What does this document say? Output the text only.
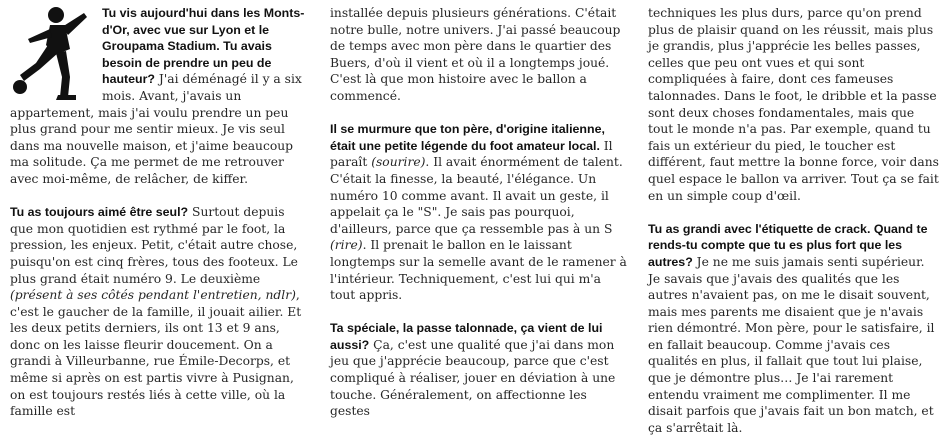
Tu vis aujourd'hui dans les Monts-d'Or, avec vue sur Lyon et le Groupama Stadium. Tu avais besoin de prendre un peu de hauteur? J'ai déménagé il y a six mois. Avant, j'avais un appartement, mais j'ai voulu prendre un peu plus grand pour me sentir mieux. Je vis seul dans ma nouvelle maison, et j'aime beaucoup ma solitude. Ça me permet de me retrouver avec moi-même, de relâcher, de kiffer.

Tu as toujours aimé être seul? Surtout depuis que mon quotidien est rythmé par le foot, la pression, les enjeux. Petit, c'était autre chose, puisqu'on est cinq frères, tous des footeux. Le plus grand était numéro 9. Le deuxième (présent à ses côtés pendant l'entretien, ndlr), c'est le gaucher de la famille, il jouait ailier. Et les deux petits derniers, ils ont 13 et 9 ans, donc on les laisse fleurir doucement. On a grandi à Villeurbanne, rue Émile-Decorps, et même si après on est partis vivre à Pusignan, on est toujours restés liés à cette ville, où la famille est

installée depuis plusieurs générations. C'était notre bulle, notre univers. J'ai passé beaucoup de temps avec mon père dans le quartier des Buers, d'où il vient et où il a longtemps joué. C'est là que mon histoire avec le ballon a commencé.

Il se murmure que ton père, d'origine italienne, était une petite légende du foot amateur local. Il paraît (sourire). Il avait énormément de talent. C'était la finesse, la beauté, l'élégance. Un numéro 10 comme avant. Il avait un geste, il appelait ça le "S". Je sais pas pourquoi, d'ailleurs, parce que ça ressemble pas à un S (rire). Il prenait le ballon en le laissant longtemps sur la semelle avant de le ramener à l'intérieur. Techniquement, c'est lui qui m'a tout appris.

Ta spéciale, la passe talonnade, ça vient de lui aussi? Ça, c'est une qualité que j'ai dans mon jeu que j'apprécie beaucoup, parce que c'est compliqué à réaliser, jouer en déviation à une touche. Généralement, on affectionne les gestes

techniques les plus durs, parce qu'on prend plus de plaisir quand on les réussit, mais plus je grandis, plus j'apprécie les belles passes, celles que peu ont vues et qui sont compliquées à faire, dont ces fameuses talonnades. Dans le foot, le dribble et la passe sont deux choses fondamentales, mais que tout le monde n'a pas. Par exemple, quand tu fais un extérieur du pied, le toucher est différent, faut mettre la bonne force, voir dans quel espace le ballon va arriver. Tout ça se fait en un simple coup d'œil.

Tu as grandi avec l'étiquette de crack. Quand te rends-tu compte que tu es plus fort que les autres? Je ne me suis jamais senti supérieur. Je savais que j'avais des qualités que les autres n'avaient pas, on me le disait souvent, mais mes parents me disaient que je n'avais rien démontré. Mon père, pour le satisfaire, il en fallait beaucoup. Comme j'avais ces qualités en plus, il fallait que tout lui plaise, que je démontre plus… Je l'ai rarement entendu vraiment me complimenter. Il me disait parfois que j'avais fait un bon match, et ça s'arrêtait là.
